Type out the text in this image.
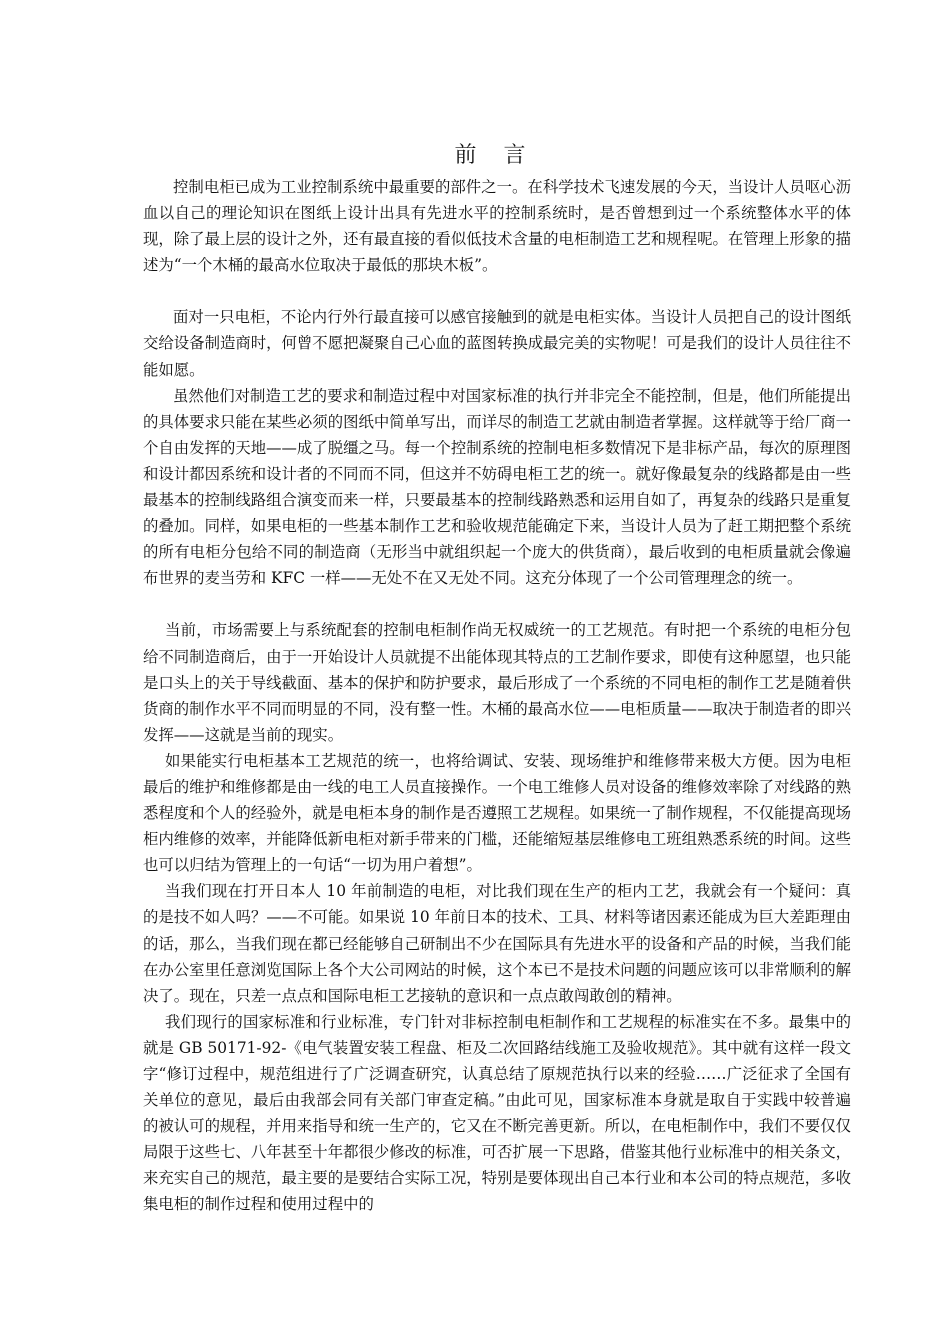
前 言

控制电柜已成为工业控制系统中最重要的部件之一。在科学技术飞速发展的今天，当设计人员呕心沥血以自己的理论知识在图纸上设计出具有先进水平的控制系统时，是否曾想到过一个系统整体水平的体现，除了最上层的设计之外，还有最直接的看似低技术含量的电柜制造工艺和规程呢。在管理上形象的描述为“一个木桶的最高水位取决于最低的那块木板”。

面对一只电柜，不论内行外行最直接可以感官接触到的就是电柜实体。当设计人员把自己的设计图纸交给设备制造商时，何曾不愿把凝聚自己心血的蓝图转换成最完美的实物呢！可是我们的设计人员往往不能如愿。

虽然他们对制造工艺的要求和制造过程中对国家标准的执行并非完全不能控制，但是，他们所能提出的具体要求只能在某些必须的图纸中简单写出，而详尽的制造工艺就由制造者掌握。这样就等于给厂商一个自由发挥的天地——成了脱缰之马。每一个控制系统的控制电柜多数情况下是非标产品，每次的原理图和设计都因系统和设计者的不同而不同，但这并不妨碍电柜工艺的统一。就好像最复杂的线路都是由一些最基本的控制线路组合演变而来一样，只要最基本的控制线路熟悉和运用自如了，再复杂的线路只是重复的叠加。同样，如果电柜的一些基本制作工艺和验收规范能确定下来，当设计人员为了赶工期把整个系统的所有电柜分包给不同的制造商（无形当中就组织起一个庞大的供货商），最后收到的电柜质量就会像遍布世界的麦当劳和 KFC 一样——无处不在又无处不同。这充分体现了一个公司管理理念的统一。

当前，市场需要上与系统配套的控制电柜制作尚无权威统一的工艺规范。有时把一个系统的电柜分包给不同制造商后，由于一开始设计人员就提不出能体现其特点的工艺制作要求，即使有这种愿望，也只能是口头上的关于导线截面、基本的保护和防护要求，最后形成了一个系统的不同电柜的制作工艺是随着供货商的制作水平不同而明显的不同，没有整一性。木桶的最高水位——电柜质量——取决于制造者的即兴发挥——这就是当前的现实。

如果能实行电柜基本工艺规范的统一，也将给调试、安装、现场维护和维修带来极大方便。因为电柜最后的维护和维修都是由一线的电工人员直接操作。一个电工维修人员对设备的维修效率除了对线路的熟悉程度和个人的经验外，就是电柜本身的制作是否遵照工艺规程。如果统一了制作规程，不仅能提高现场柜内维修的效率，并能降低新电柜对新手带来的门槛，还能缩短基层维修电工班组熟悉系统的时间。这些也可以归结为管理上的一句话“一切为用户着想”。

当我们现在打开日本人 10 年前制造的电柜，对比我们现在生产的柜内工艺，我就会有一个疑问：真的是技不如人吗？——不可能。如果说 10 年前日本的技术、工具、材料等诸因素还能成为巨大差距理由的话，那么，当我们现在都已经能够自己研制出不少在国际具有先进水平的设备和产品的时候，当我们能在办公室里任意浏览国际上各个大公司网站的时候，这个本已不是技术问题的问题应该可以非常顺利的解决了。现在，只差一点点和国际电柜工艺接轨的意识和一点点敢闯敢创的精神。

我们现行的国家标准和行业标准，专门针对非标控制电柜制作和工艺规程的标准实在不多。最集中的就是 GB 50171-92-《电气装置安装工程盘、柜及二次回路结线施工及验收规范》。其中就有这样一段文字“修订过程中，规范组进行了广泛调查研究，认真总结了原规范执行以来的经验……广泛征求了全国有关单位的意见，最后由我部会同有关部门审查定稿。”由此可见，国家标准本身就是取自于实践中较普遍的被认可的规程，并用来指导和统一生产的，它又在不断完善更新。所以，在电柜制作中，我们不要仅仅局限于这些七、八年甚至十年都很少修改的标准，可否扩展一下思路，借鉴其他行业标准中的相关条文，来充实自己的规范，最主要的是要结合实际工况，特别是要体现出自己本行业和本公司的特点规范，多收集电柜的制作过程和使用过程中的
